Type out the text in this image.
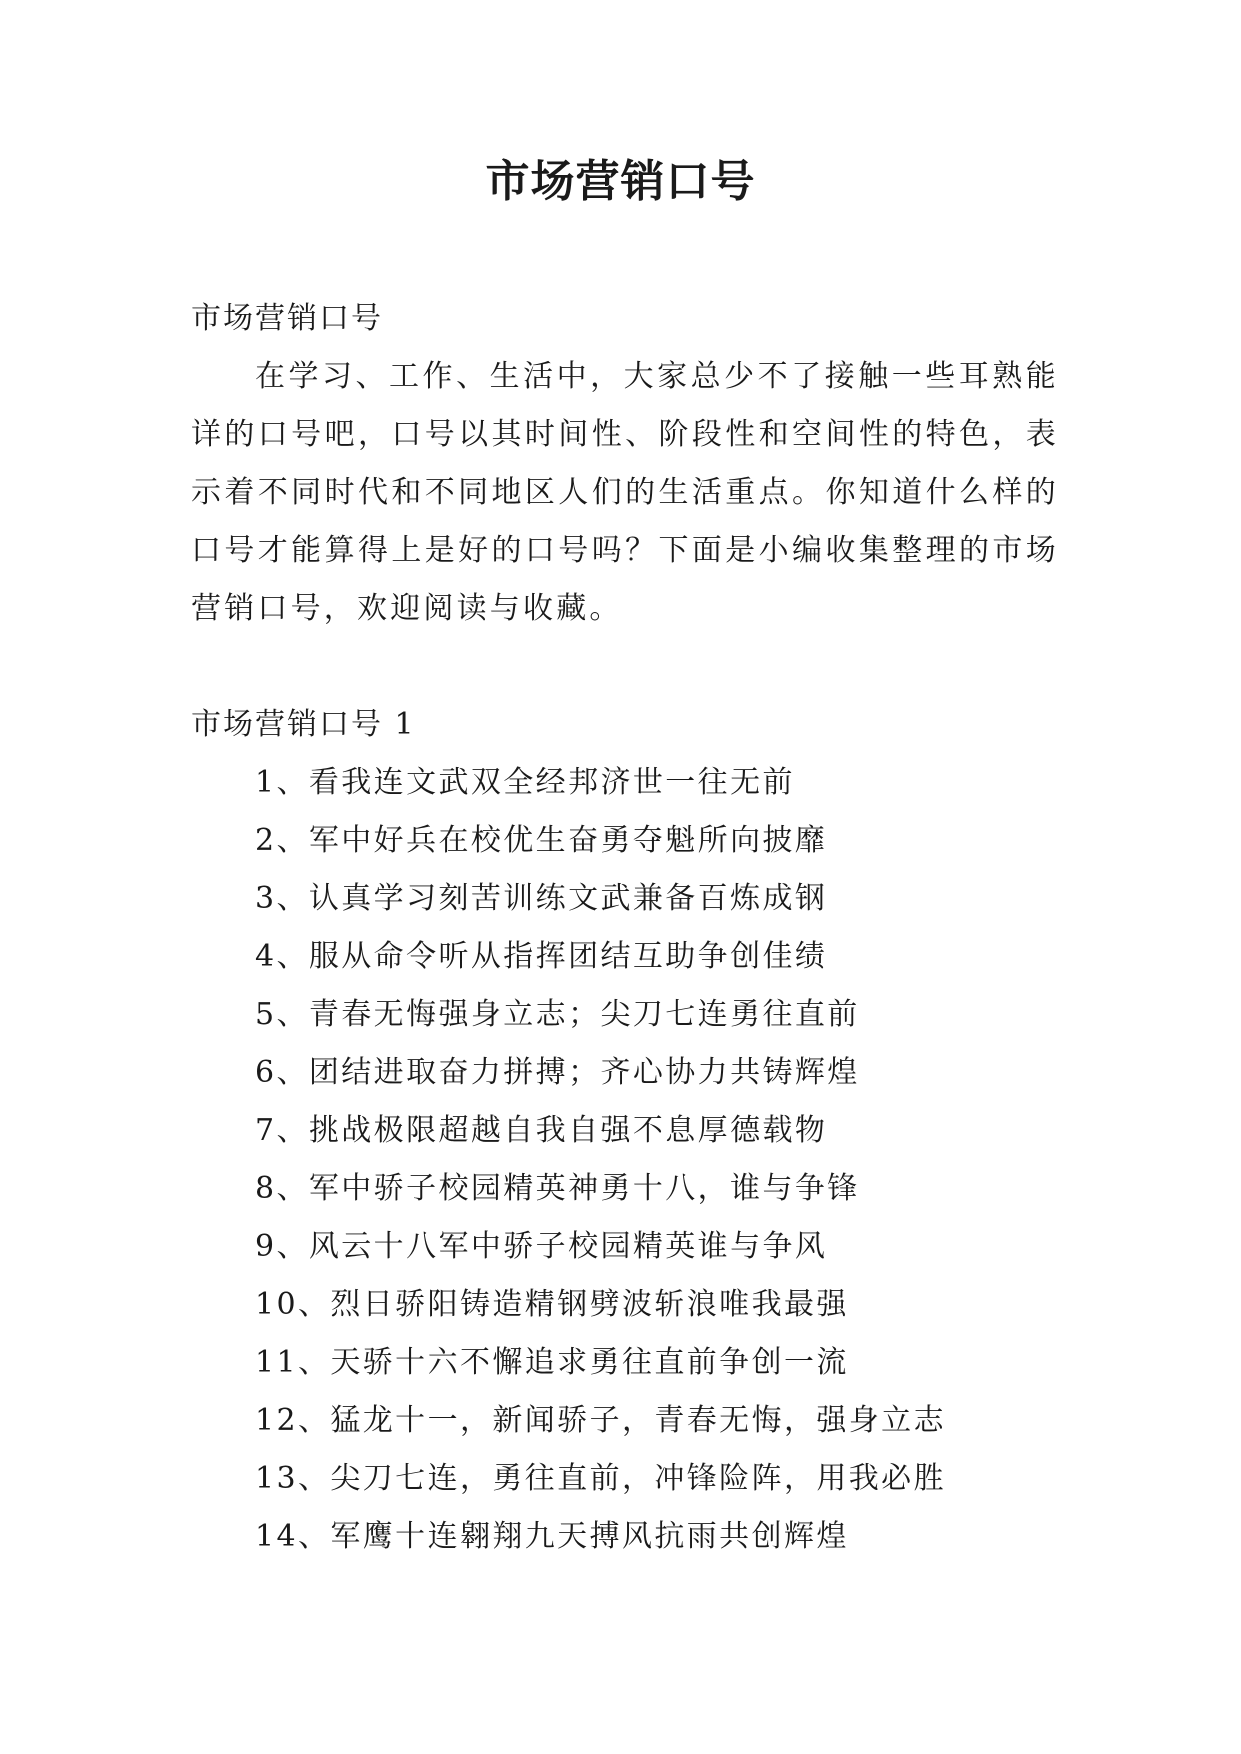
市场营销口号

市场营销口号

在学习、工作、生活中，大家总少不了接触一些耳熟能详的口号吧，口号以其时间性、阶段性和空间性的特色，表示着不同时代和不同地区人们的生活重点。你知道什么样的口号才能算得上是好的口号吗？下面是小编收集整理的市场营销口号，欢迎阅读与收藏。

市场营销口号 1

1、看我连文武双全经邦济世一往无前
2、军中好兵在校优生奋勇夺魁所向披靡
3、认真学习刻苦训练文武兼备百炼成钢
4、服从命令听从指挥团结互助争创佳绩
5、青春无悔强身立志；尖刀七连勇往直前
6、团结进取奋力拼搏；齐心协力共铸辉煌
7、挑战极限超越自我自强不息厚德载物
8、军中骄子校园精英神勇十八，谁与争锋
9、风云十八军中骄子校园精英谁与争风
10、烈日骄阳铸造精钢劈波斩浪唯我最强
11、天骄十六不懈追求勇往直前争创一流
12、猛龙十一，新闻骄子，青春无悔，强身立志
13、尖刀七连，勇往直前，冲锋险阵，用我必胜
14、军鹰十连翱翔九天搏风抗雨共创辉煌
